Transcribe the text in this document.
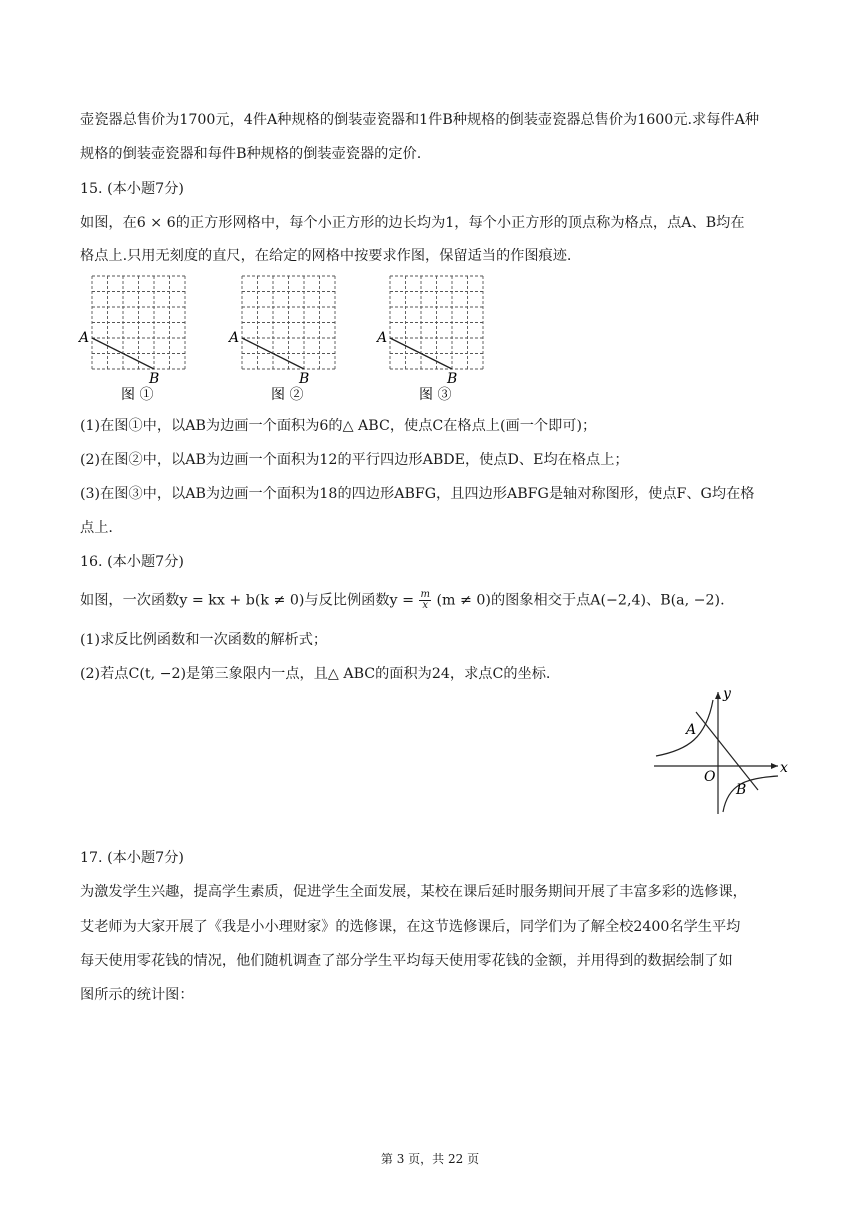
壶瓷器总售价为1700元，4件A种规格的倒装壶瓷器和1件B种规格的倒装壶瓷器总售价为1600元.求每件A种
规格的倒装壶瓷器和每件B种规格的倒装壶瓷器的定价.
15. (本小题7分)
如图，在6 × 6的正方形网格中，每个小正方形的边长均为1，每个小正方形的顶点称为格点，点A、B均在
格点上.只用无刻度的直尺，在给定的网格中按要求作图，保留适当的作图痕迹.
A
B
图 ①
A
B
图 ②
A
B
图 ③
(1)在图①中，以AB为边画一个面积为6的△ ABC，使点C在格点上(画一个即可)；
(2)在图②中，以AB为边画一个面积为12的平行四边形ABDE，使点D、E均在格点上；
(3)在图③中，以AB为边画一个面积为18的四边形ABFG，且四边形ABFG是轴对称图形，使点F、G均在格
点上.
16. (本小题7分)
如图，一次函数y = kx + b(k ≠ 0)与反比例函数$y = \frac{m}{x} (m \ne 0)$的图象相交于点A(−2,4)、B(a, −2).
(1)求反比例函数和一次函数的解析式；
(2)若点C(t, −2)是第三象限内一点，且△ ABC的面积为24，求点C的坐标.
A
B
O
x
y
17. (本小题7分)
为激发学生兴趣，提高学生素质，促进学生全面发展，某校在课后延时服务期间开展了丰富多彩的选修课，
艾老师为大家开展了《我是小小理财家》的选修课，在这节选修课后，同学们为了解全校2400名学生平均
每天使用零花钱的情况，他们随机调查了部分学生平均每天使用零花钱的金额，并用得到的数据绘制了如
图所示的统计图：
第 3 页，共 22 页
